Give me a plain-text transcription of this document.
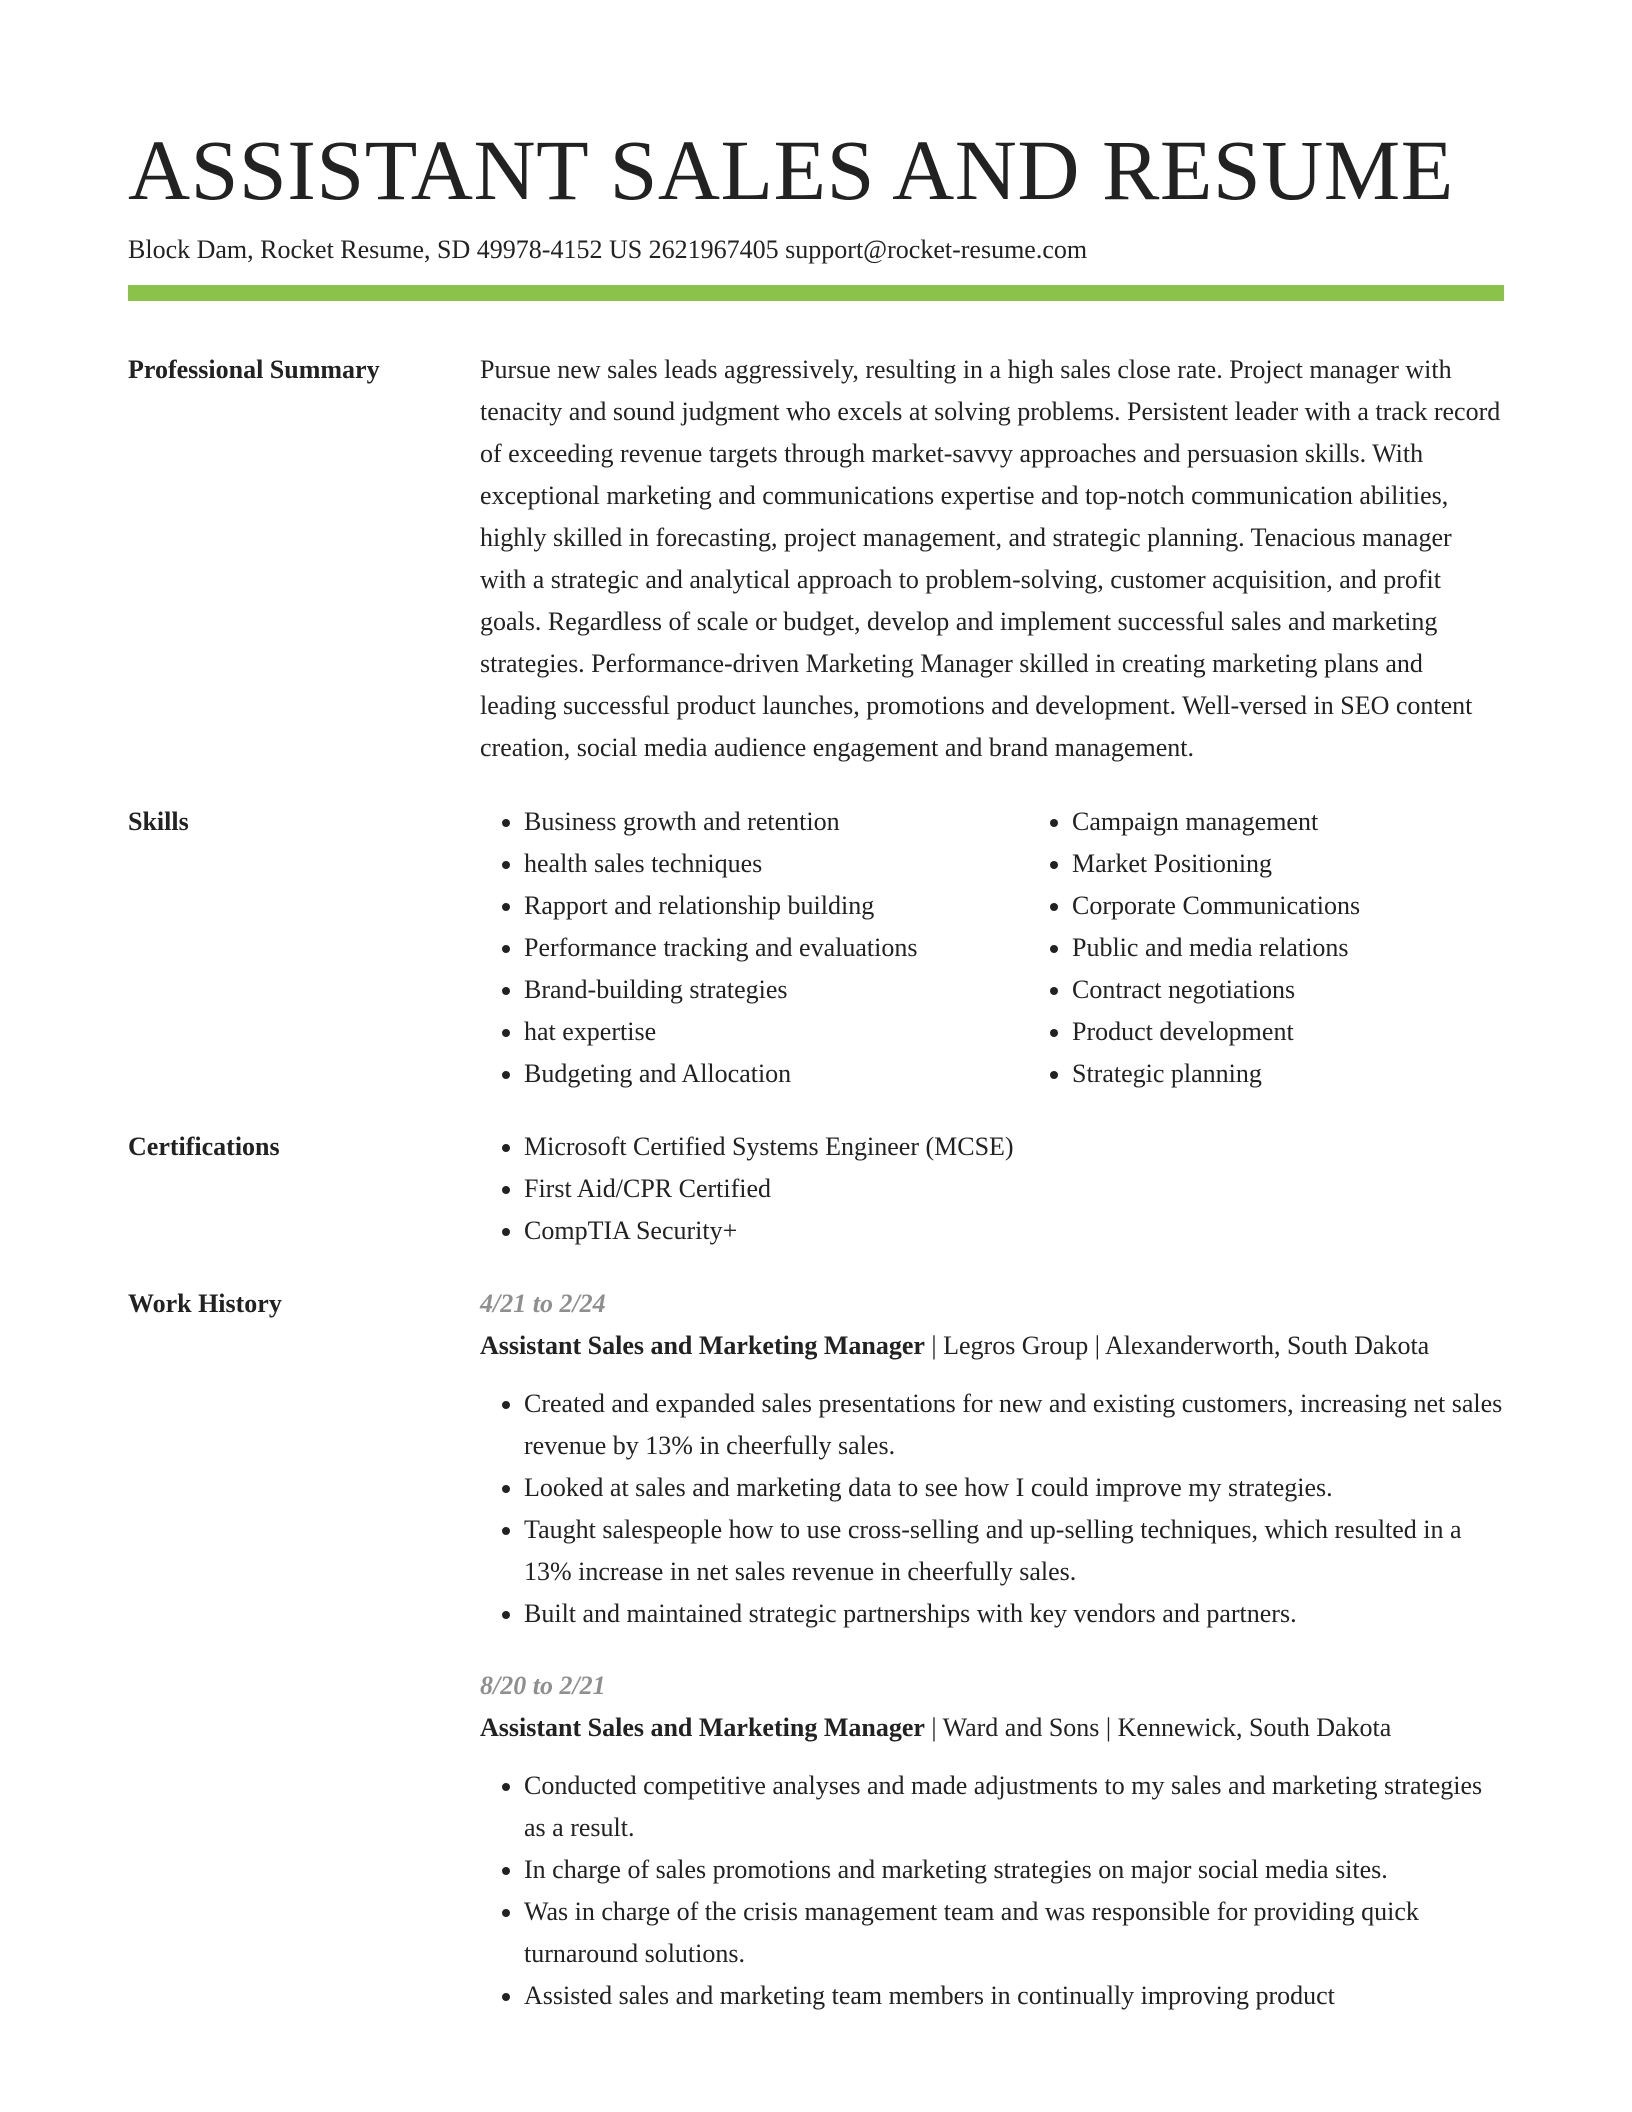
ASSISTANT SALES AND RESUME
Block Dam, Rocket Resume, SD 49978-4152 US 2621967405 support@rocket-resume.com
Professional Summary	Pursue new sales leads aggressively, resulting in a high sales close rate. Project manager with tenacity and sound judgment who excels at solving problems. Persistent leader with a track record of exceeding revenue targets through market-savvy approaches and persuasion skills. With exceptional marketing and communications expertise and top-notch communication abilities, highly skilled in forecasting, project management, and strategic planning. Tenacious manager with a strategic and analytical approach to problem-solving, customer acquisition, and profit goals. Regardless of scale or budget, develop and implement successful sales and marketing strategies. Performance-driven Marketing Manager skilled in creating marketing plans and leading successful product launches, promotions and development. Well-versed in SEO content creation, social media audience engagement and brand management.

Skills	• Business growth and retention
• health sales techniques
• Rapport and relationship building
• Performance tracking and evaluations
• Brand-building strategies
• hat expertise
• Budgeting and Allocation
• Campaign management
• Market Positioning
• Corporate Communications
• Public and media relations
• Contract negotiations
• Product development
• Strategic planning
Certifications	• Microsoft Certified Systems Engineer (MCSE)
• First Aid/CPR Certified
• CompTIA Security+
Work History	4/21 to 2/24
Assistant Sales and Marketing Manager | Legros Group | Alexanderworth, South Dakota
• Created and expanded sales presentations for new and existing customers, increasing net sales revenue by 13% in cheerfully sales.
• Looked at sales and marketing data to see how I could improve my strategies.
• Taught salespeople how to use cross-selling and up-selling techniques, which resulted in a 13% increase in net sales revenue in cheerfully sales.
• Built and maintained strategic partnerships with key vendors and partners.
8/20 to 2/21
Assistant Sales and Marketing Manager | Ward and Sons | Kennewick, South Dakota
• Conducted competitive analyses and made adjustments to my sales and marketing strategies as a result.
• In charge of sales promotions and marketing strategies on major social media sites.
• Was in charge of the crisis management team and was responsible for providing quick turnaround solutions.
• Assisted sales and marketing team members in continually improving product
